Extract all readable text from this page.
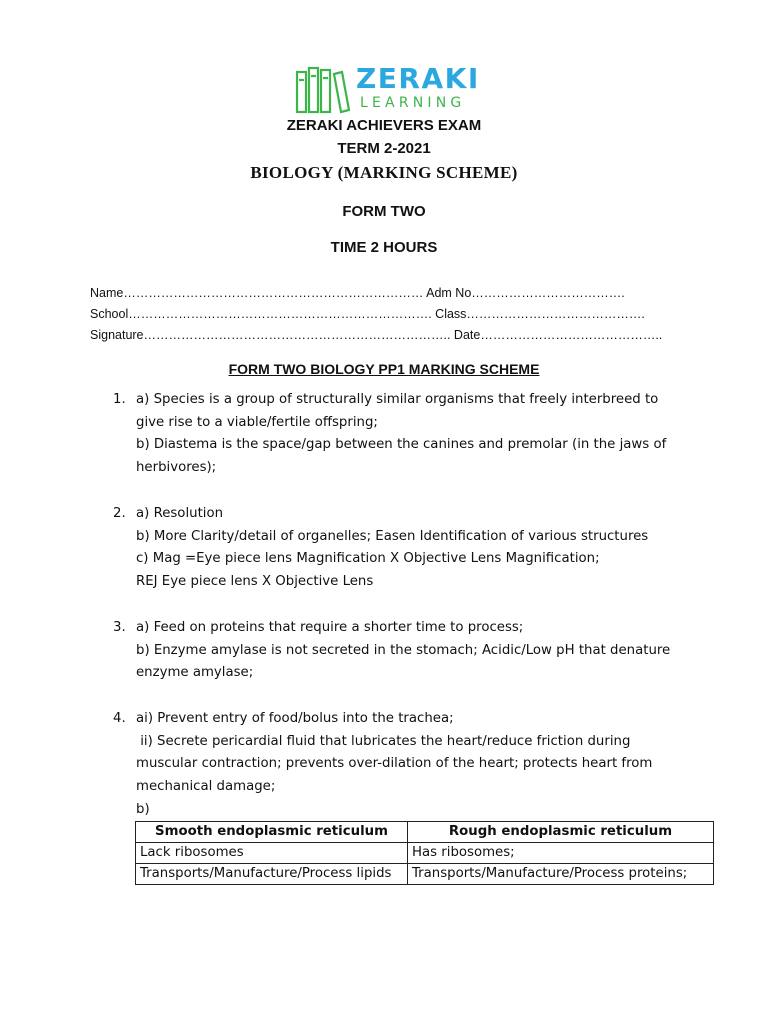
ZERAKI
LEARNING
ZERAKI ACHIEVERS EXAM
TERM 2-2021
BIOLOGY (MARKING SCHEME)
FORM TWO
TIME 2 HOURS
Name……………………………………………………………… Adm No……………………………….
School………………………………………………………………. Class…………………………………….
Signature……………………………………………………………….. Date……………………………………..
FORM TWO BIOLOGY PP1 MARKING SCHEME
1. a) Species is a group of structurally similar organisms that freely interbreed to
give rise to a viable/fertile offspring;
b) Diastema is the space/gap between the canines and premolar (in the jaws of
herbivores);
2. a) Resolution
b) More Clarity/detail of organelles; Easen Identification of various structures
c) Mag =Eye piece lens Magnification X Objective Lens Magnification;
REJ Eye piece lens X Objective Lens
3. a) Feed on proteins that require a shorter time to process;
b) Enzyme amylase is not secreted in the stomach; Acidic/Low pH that denature
enzyme amylase;
4. ai) Prevent entry of food/bolus into the trachea;
ii) Secrete pericardial fluid that lubricates the heart/reduce friction during
muscular contraction; prevents over-dilation of the heart; protects heart from
mechanical damage;
b)
Smooth endoplasmic reticulum	Rough endoplasmic reticulum
Lack ribosomes	Has ribosomes;
Transports/Manufacture/Process lipids	Transports/Manufacture/Process proteins;
